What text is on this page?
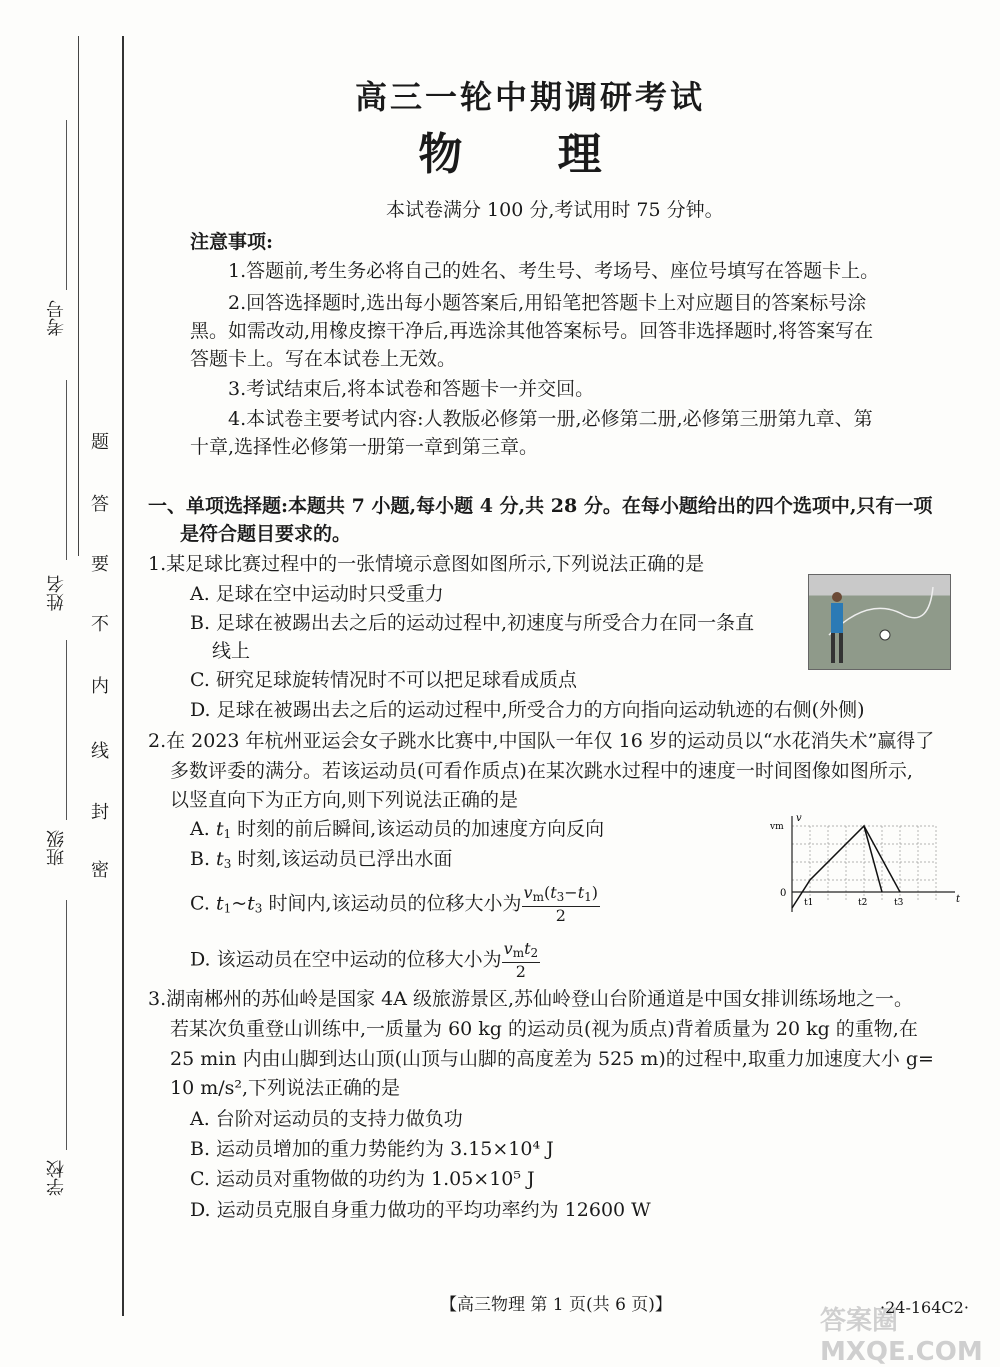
考号
姓名
班级
学校
密
封
线
内
不
要
答
题
高三一轮中期调研考试
物 理
本试卷满分 100 分,考试用时 75 分钟。
注意事项:
1.答题前,考生务必将自己的姓名、考生号、考场号、座位号填写在答题卡上。
2.回答选择题时,选出每小题答案后,用铅笔把答题卡上对应题目的答案标号涂
黑。如需改动,用橡皮擦干净后,再选涂其他答案标号。回答非选择题时,将答案写在
答题卡上。写在本试卷上无效。
3.考试结束后,将本试卷和答题卡一并交回。
4.本试卷主要考试内容:人教版必修第一册,必修第二册,必修第三册第九章、第
十章,选择性必修第一册第一章到第三章。
一、单项选择题:本题共 7 小题,每小题 4 分,共 28 分。在每小题给出的四个选项中,只有一项
是符合题目要求的。
1.某足球比赛过程中的一张情境示意图如图所示,下列说法正确的是
A. 足球在空中运动时只受重力
B. 足球在被踢出去之后的运动过程中,初速度与所受合力在同一条直
线上
C. 研究足球旋转情况时不可以把足球看成质点
D. 足球在被踢出去之后的运动过程中,所受合力的方向指向运动轨迹的右侧(外侧)
2.在 2023 年杭州亚运会女子跳水比赛中,中国队一年仅 16 岁的运动员以“水花消失术”赢得了
多数评委的满分。若该运动员(可看作质点)在某次跳水过程中的速度一时间图像如图所示,
以竖直向下为正方向,则下列说法正确的是
A. $t_1$ 时刻的前后瞬间,该运动员的加速度方向反向
B. $t_3$ 时刻,该运动员已浮出水面
C. $t_1\sim t_3$ 时间内,该运动员的位移大小为 $\frac{v_m(t_3-t_1)}{2}$
D. 该运动员在空中运动的位移大小为 $\frac{v_mt_2}{2}$
v
vm
0
t
t1	t2	t3
3.湖南郴州的苏仙岭是国家 4A 级旅游景区,苏仙岭登山台阶通道是中国女排训练场地之一。
若某次负重登山训练中,一质量为 60 kg 的运动员(视为质点)背着质量为 20 kg 的重物,在
25 min 内由山脚到达山顶(山顶与山脚的高度差为 525 m)的过程中,取重力加速度大小 g=
10 m/s²,下列说法正确的是
A. 台阶对运动员的支持力做负功
B. 运动员增加的重力势能约为 3.15×10⁴ J
C. 运动员对重物做的功约为 1.05×10⁵ J
D. 运动员克服自身重力做功的平均功率约为 12600 W
【高三物理 第 1 页(共 6 页)】
答案圈 MXQE.COM
·24-164C2·
